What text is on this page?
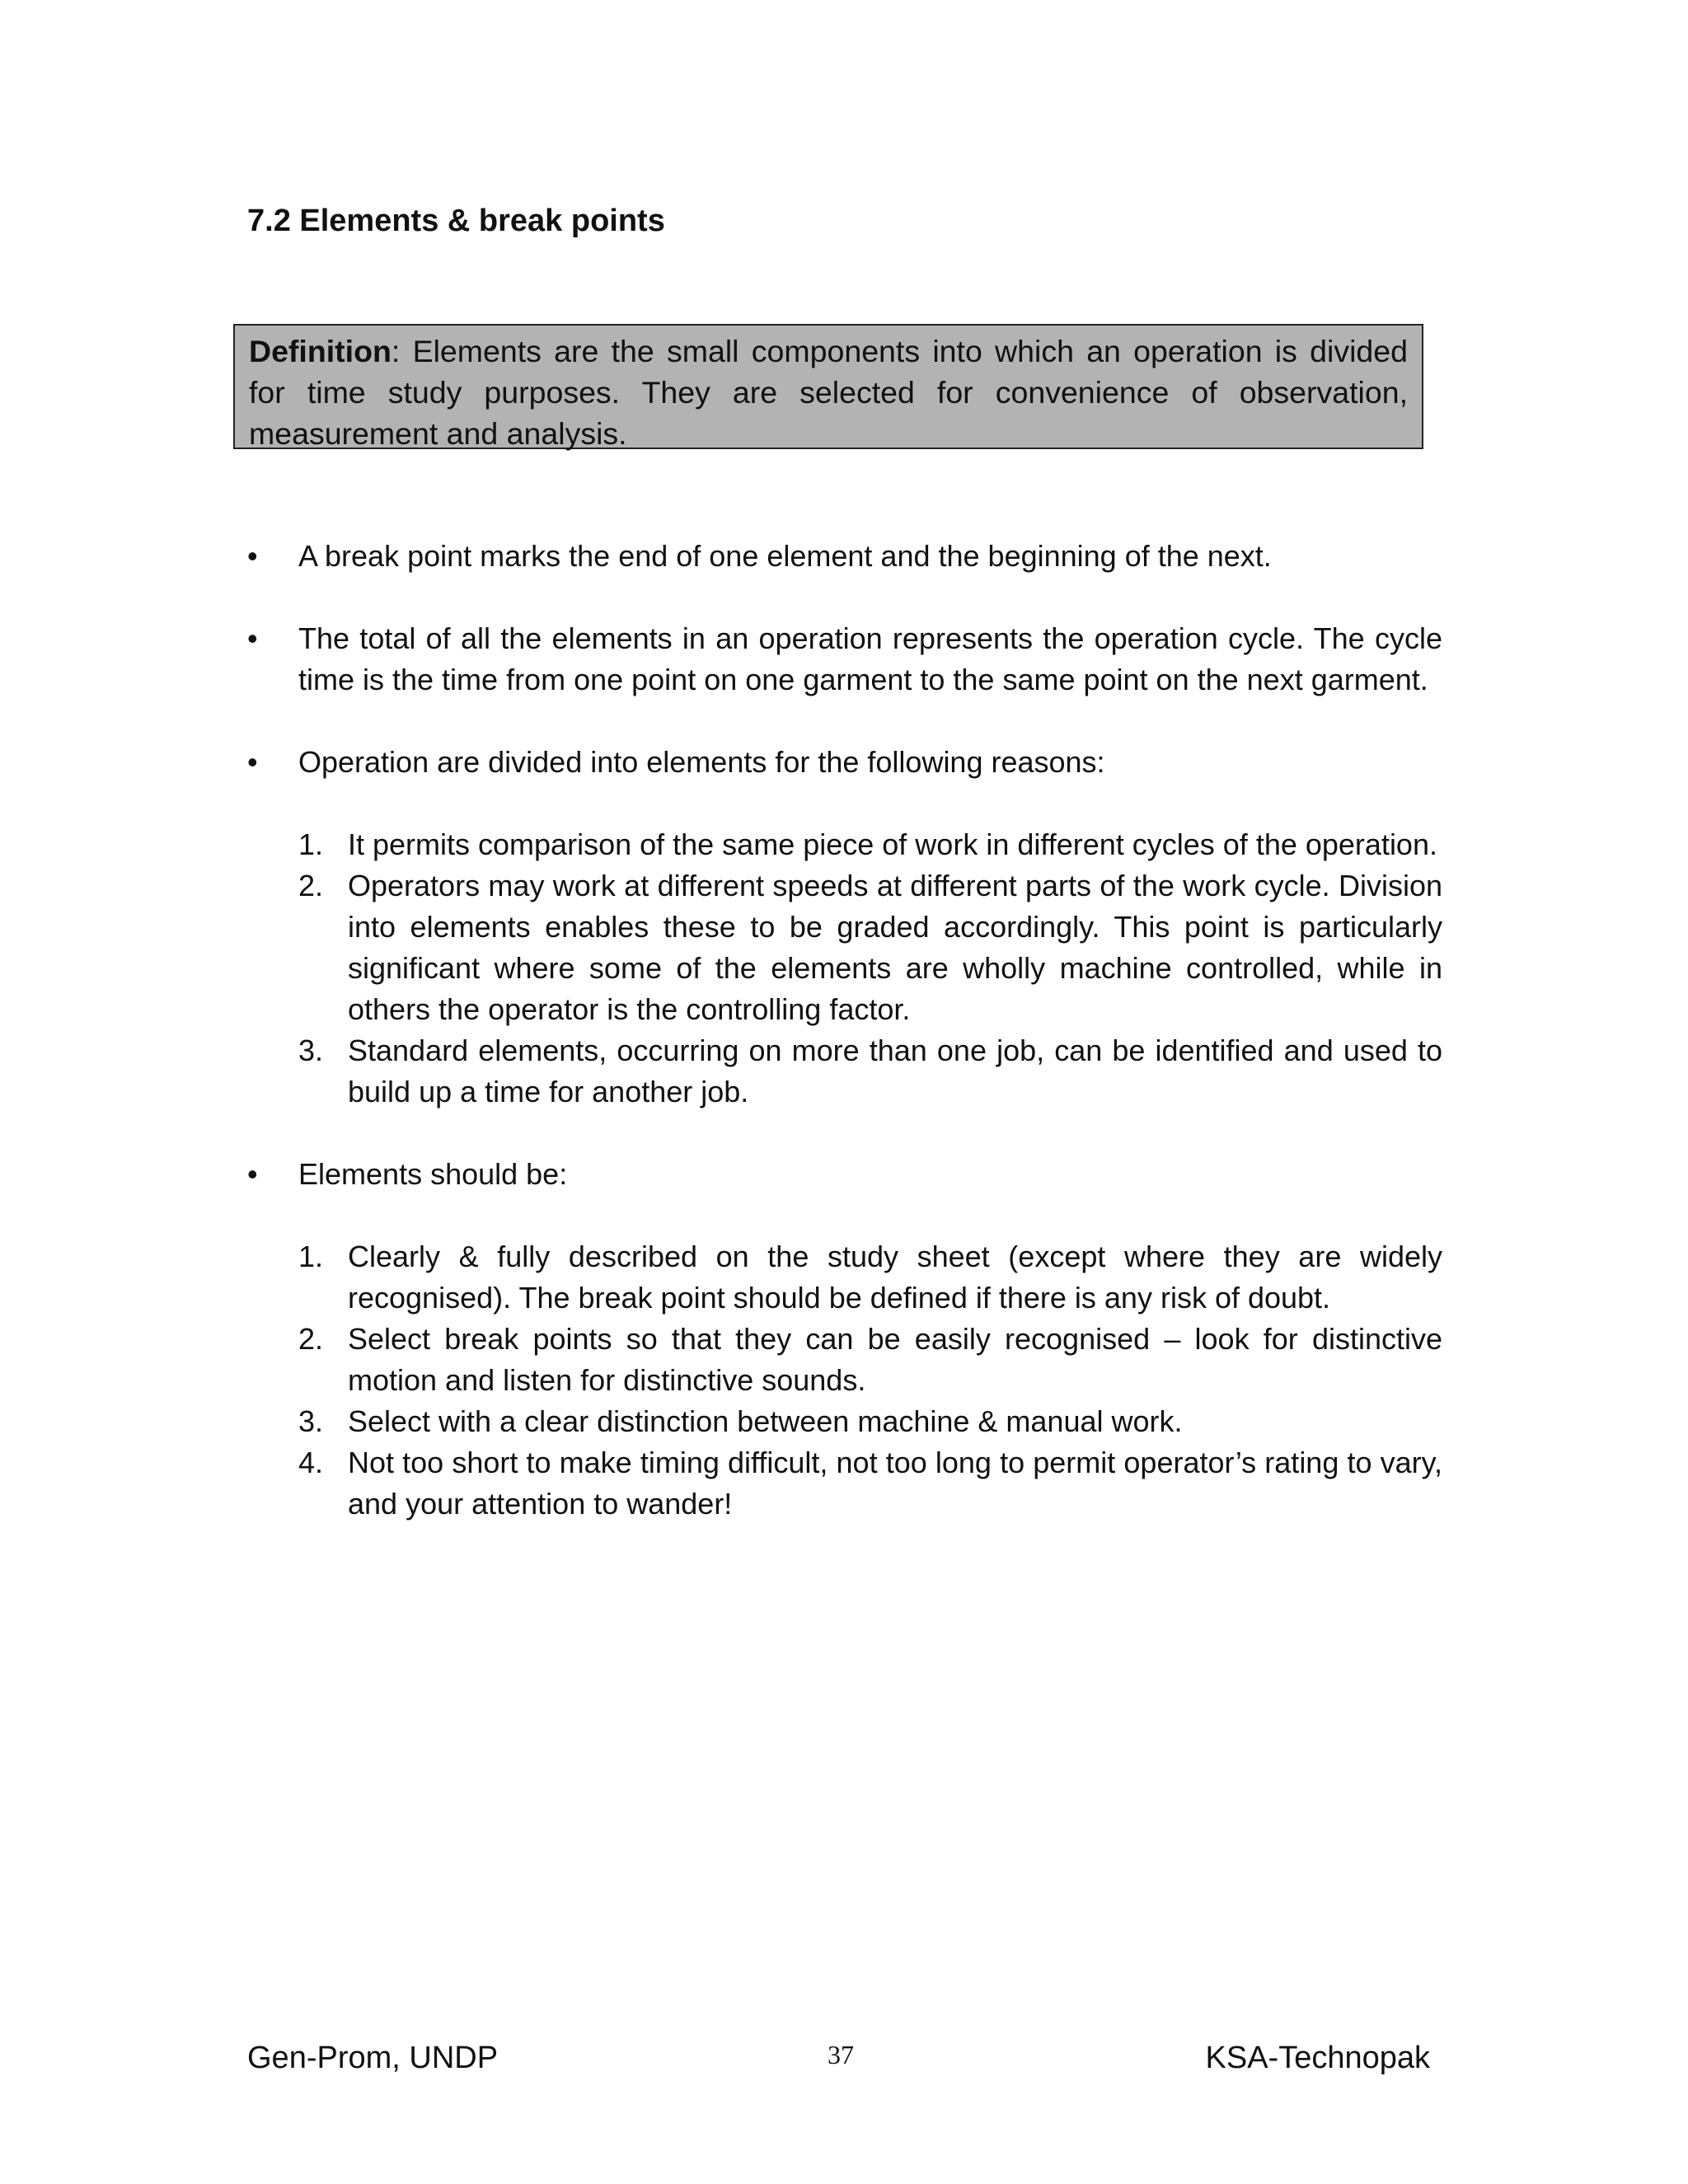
7.2 Elements & break points
Definition: Elements are the small components into which an operation is divided for time study purposes. They are selected for convenience of observation, measurement and analysis.
• A break point marks the end of one element and the beginning of the next.
• The total of all the elements in an operation represents the operation cycle. The cycle time is the time from one point on one garment to the same point on the next garment.
• Operation are divided into elements for the following reasons:
1. It permits comparison of the same piece of work in different cycles of the operation.
2. Operators may work at different speeds at different parts of the work cycle. Division into elements enables these to be graded accordingly. This point is particularly significant where some of the elements are wholly machine controlled, while in others the operator is the controlling factor.
3. Standard elements, occurring on more than one job, can be identified and used to build up a time for another job.
• Elements should be:
1. Clearly & fully described on the study sheet (except where they are widely recognised). The break point should be defined if there is any risk of doubt.
2. Select break points so that they can be easily recognised – look for distinctive motion and listen for distinctive sounds.
3. Select with a clear distinction between machine & manual work.
4. Not too short to make timing difficult, not too long to permit operator’s rating to vary, and your attention to wander!
Gen-Prom, UNDP	37	KSA-Technopak
